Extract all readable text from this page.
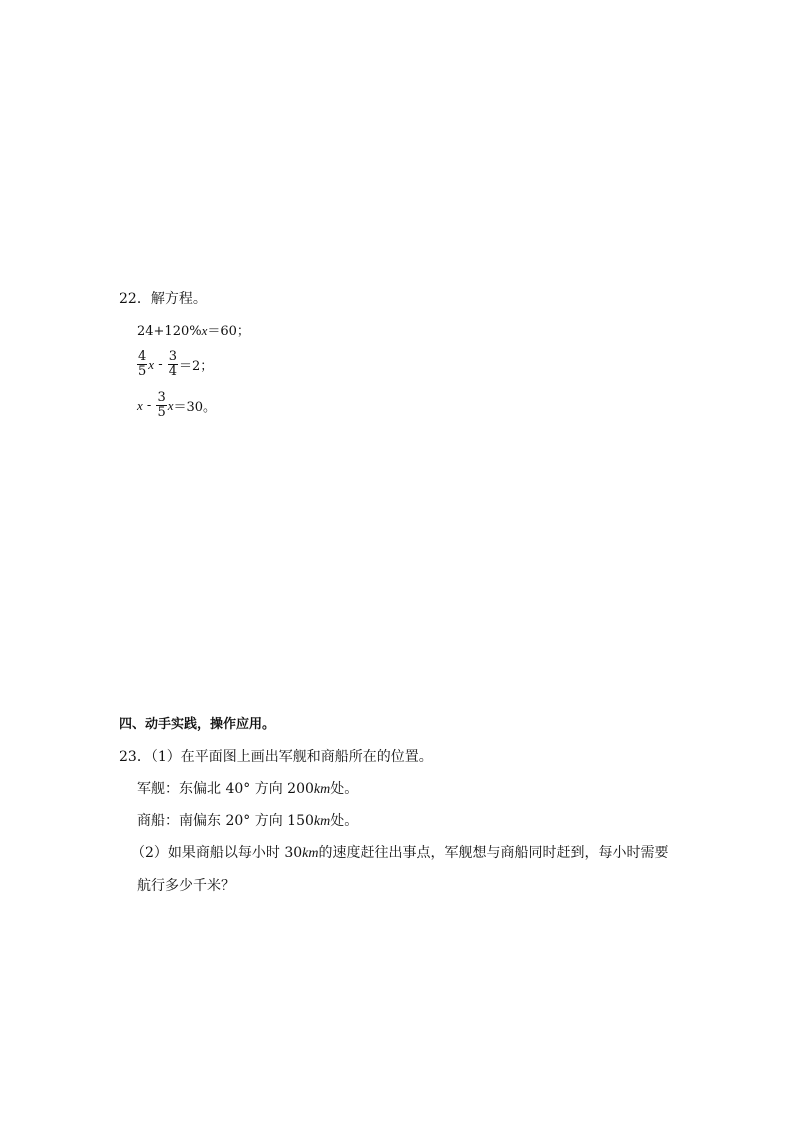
22．解方程。
24+120%x＝60；
$\frac{4}{5}$ $x - \frac{3}{4} =2$；
x - $\frac{3}{5}$ x ＝30。
四、动手实践，操作应用。
23．（1）在平面图上画出军舰和商船所在的位置。
军舰：东偏北 40° 方向 200km处。
商船：南偏东 20° 方向 150km处。
（2）如果商船以每小时 30km的速度赶往出事点，军舰想与商船同时赶到，每小时需要
航行多少千米？
